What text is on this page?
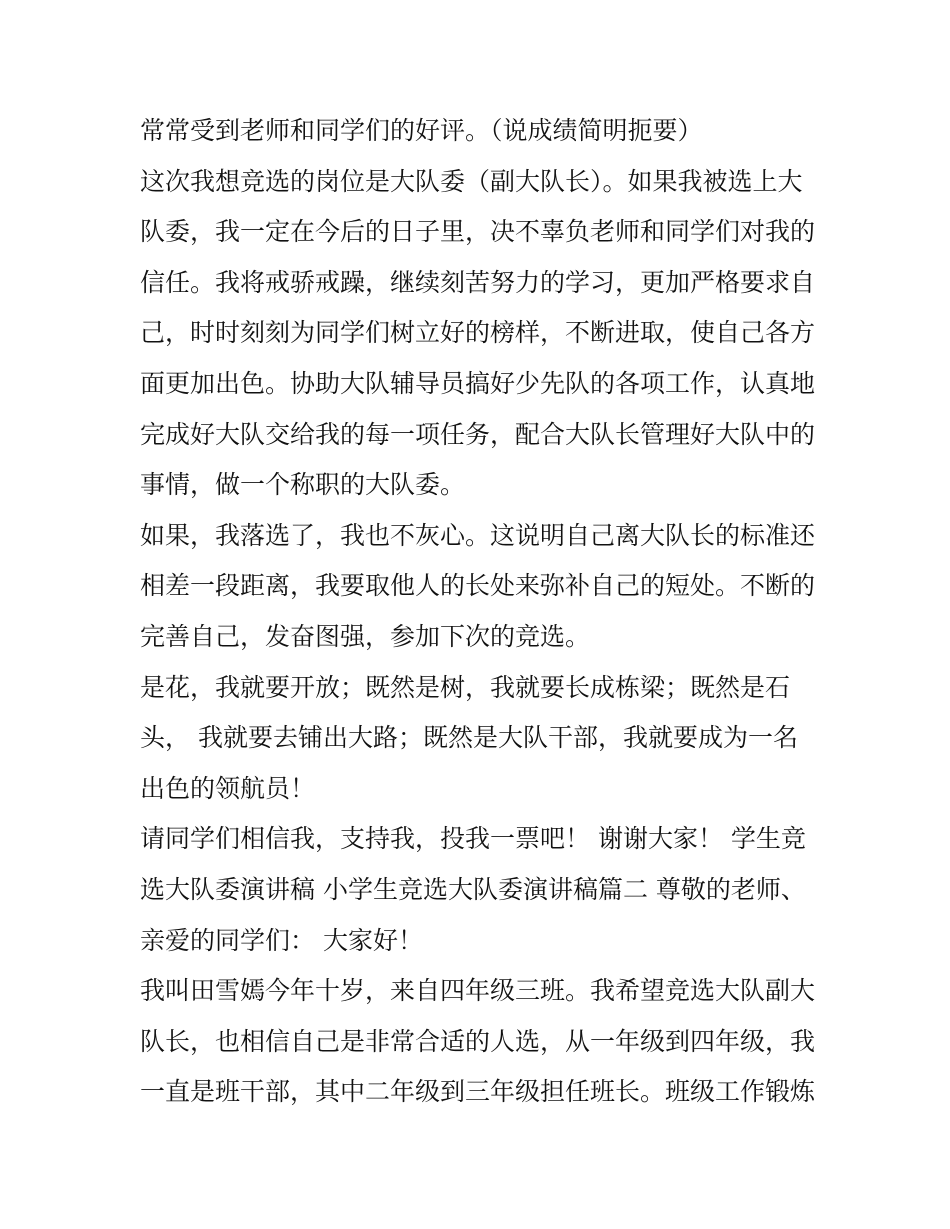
常常受到老师和同学们的好评。（说成绩简明扼要）
这次我想竞选的岗位是大队委（副大队长）。如果我被选上大
队委，我一定在今后的日子里，决不辜负老师和同学们对我的
信任。我将戒骄戒躁，继续刻苦努力的学习，更加严格要求自
己，时时刻刻为同学们树立好的榜样，不断进取，使自己各方
面更加出色。协助大队辅导员搞好少先队的各项工作，认真地
完成好大队交给我的每一项任务，配合大队长管理好大队中的
事情，做一个称职的大队委。
如果，我落选了，我也不灰心。这说明自己离大队长的标准还
相差一段距离，我要取他人的长处来弥补自己的短处。不断的
完善自己，发奋图强，参加下次的竞选。
是花，我就要开放；既然是树，我就要长成栋梁；既然是石
头， 我就要去铺出大路；既然是大队干部，我就要成为一名
出色的领航员！
请同学们相信我，支持我，投我一票吧！ 谢谢大家！ 学生竞
选大队委演讲稿 小学生竞选大队委演讲稿篇二 尊敬的老师、
亲爱的同学们： 大家好！
我叫田雪嫣今年十岁，来自四年级三班。我希望竞选大队副大
队长，也相信自己是非常合适的人选，从一年级到四年级，我
一直是班干部，其中二年级到三年级担任班长。班级工作锻炼
